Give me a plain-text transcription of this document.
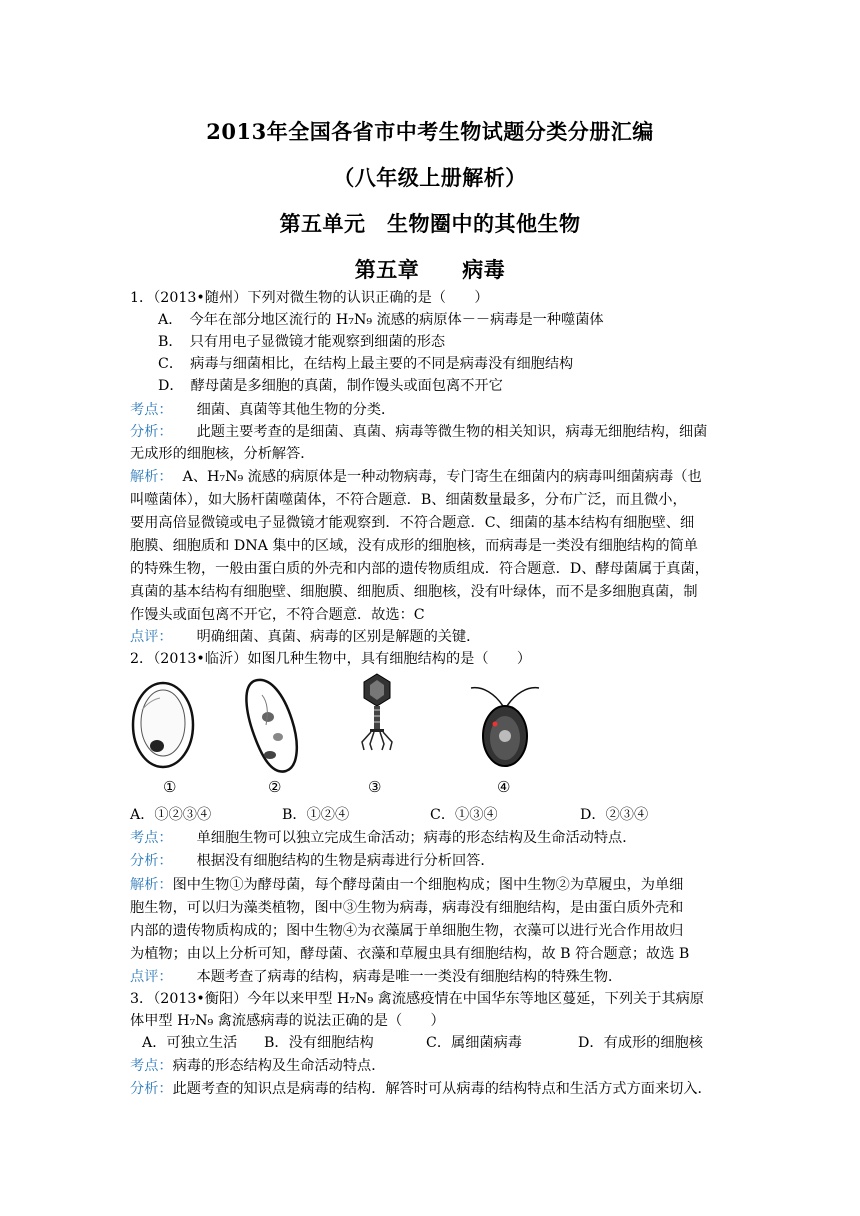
2013年全国各省市中考生物试题分类分册汇编
（八年级上册解析）
第五单元　生物圈中的其他生物
第五章　　病毒
1．（2013•随州）下列对微生物的认识正确的是（　　）
A．　今年在部分地区流行的 H₇N₉ 流感的病原体－－病毒是一种噬菌体
B．　只有用电子显微镜才能观察到细菌的形态
C．　病毒与细菌相比，在结构上最主要的不同是病毒没有细胞结构
D．　酵母菌是多细胞的真菌，制作馒头或面包离不开它
考点： 细菌、真菌等其他生物的分类．
分析： 此题主要考查的是细菌、真菌、病毒等微生物的相关知识，病毒无细胞结构，细菌
无成形的细胞核，分析解答．
解析： A、H₇N₉ 流感的病原体是一种动物病毒，专门寄生在细菌内的病毒叫细菌病毒（也
叫噬菌体），如大肠杆菌噬菌体，不符合题意．B、细菌数量最多，分布广泛，而且微小，
要用高倍显微镜或电子显微镜才能观察到．不符合题意．C、细菌的基本结构有细胞壁、细
胞膜、细胞质和 DNA 集中的区域，没有成形的细胞核，而病毒是一类没有细胞结构的简单
的特殊生物，一般由蛋白质的外壳和内部的遗传物质组成．符合题意．D、酵母菌属于真菌，
真菌的基本结构有细胞壁、细胞膜、细胞质、细胞核，没有叶绿体，而不是多细胞真菌，制
作馒头或面包离不开它，不符合题意．故选：C
点评： 明确细菌、真菌、病毒的区别是解题的关键．
2．（2013•临沂）如图几种生物中，具有细胞结构的是（　　）
①	②	③	④
A．①②③④	B．①②④	C．①③④	D．②③④
考点： 单细胞生物可以独立完成生命活动；病毒的形态结构及生命活动特点．
分析： 根据没有细胞结构的生物是病毒进行分析回答．
解析：图中生物①为酵母菌，每个酵母菌由一个细胞构成；图中生物②为草履虫，为单细
胞生物，可以归为藻类植物，图中③生物为病毒，病毒没有细胞结构，是由蛋白质外壳和
内部的遗传物质构成的；图中生物④为衣藻属于单细胞生物，衣藻可以进行光合作用故归
为植物；由以上分析可知，酵母菌、衣藻和草履虫具有细胞结构，故 B 符合题意；故选 B
点评： 本题考查了病毒的结构，病毒是唯一一类没有细胞结构的特殊生物．
3．（2013•衡阳）今年以来甲型 H₇N₉ 禽流感疫情在中国华东等地区蔓延，下列关于其病原
体甲型 H₇N₉ 禽流感病毒的说法正确的是（　　）
A．可独立生活 B．没有细胞结构	C．属细菌病毒	D．有成形的细胞核
考点：病毒的形态结构及生命活动特点．
分析：此题考查的知识点是病毒的结构．解答时可从病毒的结构特点和生活方式方面来切入．
